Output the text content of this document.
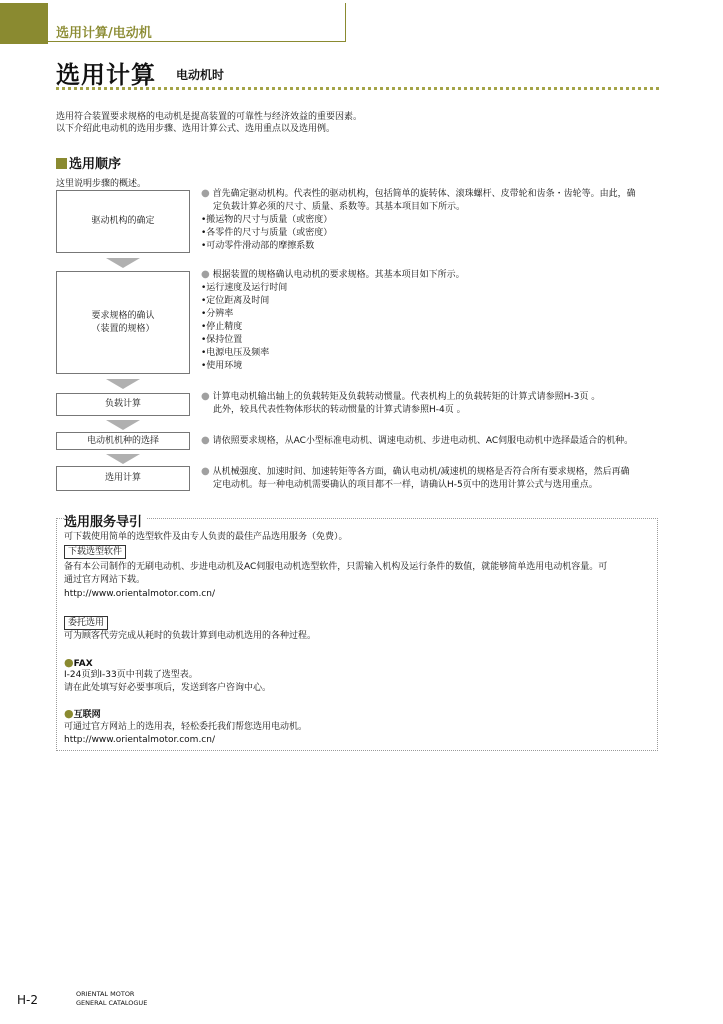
选用计算/电动机
选用计算 电动机时
选用符合装置要求规格的电动机是提高装置的可靠性与经济效益的重要因素。
以下介绍此电动机的选用步骤、选用计算公式、选用重点以及选用例。
选用顺序
这里说明步骤的概述。
驱动机构的确定
● 首先确定驱动机构。代表性的驱动机构，包括简单的旋转体、滚珠螺杆、皮带轮和齿条・齿轮等。由此，确
定负载计算必须的尺寸、质量、系数等。其基本项目如下所示。
•搬运物的尺寸与质量（或密度）
•各零件的尺寸与质量（或密度）
•可动零件滑动部的摩擦系数
要求规格的确认
（装置的规格）
● 根据装置的规格确认电动机的要求规格。其基本项目如下所示。
•运行速度及运行时间
•定位距离及时间
•分辨率
•停止精度
•保持位置
•电源电压及频率
•使用环境
负载计算
● 计算电动机输出轴上的负载转矩及负载转动惯量。代表机构上的负载转矩的计算式请参照H-3页 。
此外，较具代表性物体形状的转动惯量的计算式请参照H-4页 。
电动机机种的选择	● 请依照要求规格，从AC小型标准电动机、调速电动机、步进电动机、AC伺服电动机中选择最适合的机种。
选用计算
● 从机械强度、加速时间、加速转矩等各方面，确认电动机/减速机的规格是否符合所有要求规格，然后再确
定电动机。每一种电动机需要确认的项目都不一样，请确认H-5页中的选用计算公式与选用重点。
选用服务导引
可下载使用简单的选型软件及由专人负责的最佳产品选用服务（免费）。
下载选型软件
备有本公司制作的无刷电动机、步进电动机及AC伺服电动机选型软件，只需输入机构及运行条件的数值，就能够简单选用电动机容量。可
通过官方网站下载。
http://www.orientalmotor.com.cn/
委托选用
可为顾客代劳完成从耗时的负载计算到电动机选用的各种过程。
●FAX
I-24页到I-33页中刊载了选型表。
请在此处填写好必要事项后，发送到客户咨询中心。
●互联网
可通过官方网站上的选用表，轻松委托我们帮您选用电动机。
http://www.orientalmotor.com.cn/
H-2	ORIENTAL MOTOR
GENERAL CATALOGUE
